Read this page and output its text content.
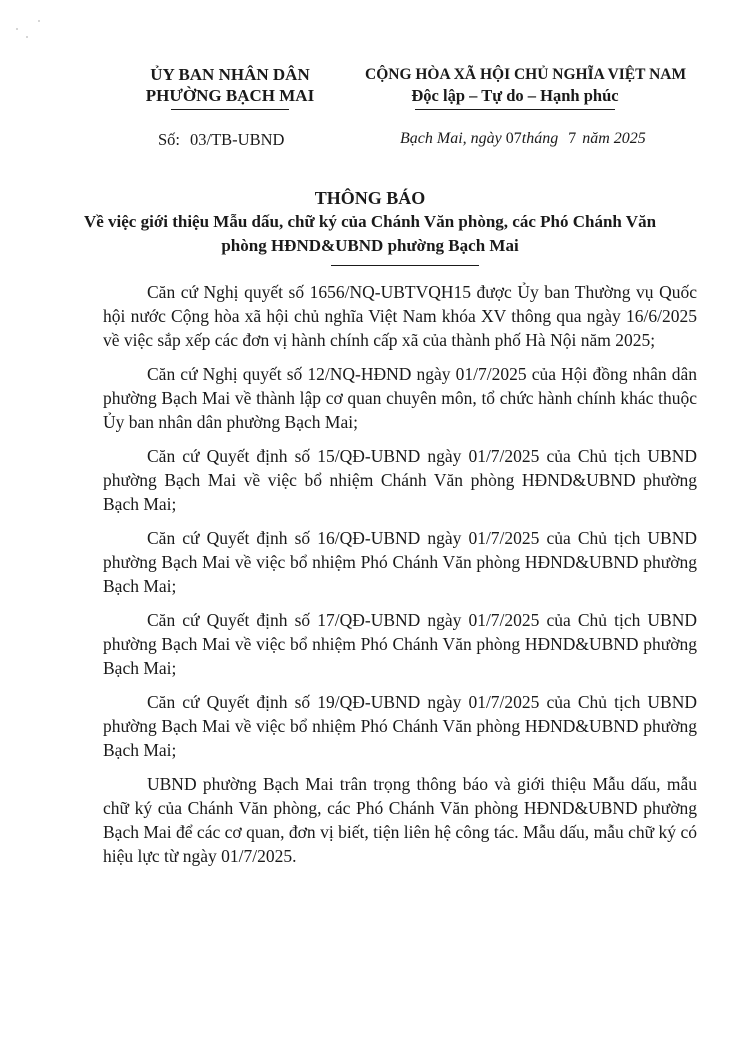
ỦY BAN NHÂN DÂN
PHƯỜNG BẠCH MAI
CỘNG HÒA XÃ HỘI CHỦ NGHĨA VIỆT NAM
Độc lập – Tự do – Hạnh phúc
Số: 03/TB-UBND	Bạch Mai, ngày 07tháng 7 năm 2025
THÔNG BÁO
Về việc giới thiệu Mẫu dấu, chữ ký của Chánh Văn phòng, các Phó Chánh Văn phòng HĐND&UBND phường Bạch Mai

Căn cứ Nghị quyết số 1656/NQ-UBTVQH15 được Ủy ban Thường vụ Quốc hội nước Cộng hòa xã hội chủ nghĩa Việt Nam khóa XV thông qua ngày 16/6/2025 về việc sắp xếp các đơn vị hành chính cấp xã của thành phố Hà Nội năm 2025;

Căn cứ Nghị quyết số 12/NQ-HĐND ngày 01/7/2025 của Hội đồng nhân dân phường Bạch Mai về thành lập cơ quan chuyên môn, tổ chức hành chính khác thuộc Ủy ban nhân dân phường Bạch Mai;

Căn cứ Quyết định số 15/QĐ-UBND ngày 01/7/2025 của Chủ tịch UBND phường Bạch Mai về việc bổ nhiệm Chánh Văn phòng HĐND&UBND phường Bạch Mai;

Căn cứ Quyết định số 16/QĐ-UBND ngày 01/7/2025 của Chủ tịch UBND phường Bạch Mai về việc bổ nhiệm Phó Chánh Văn phòng HĐND&UBND phường Bạch Mai;

Căn cứ Quyết định số 17/QĐ-UBND ngày 01/7/2025 của Chủ tịch UBND phường Bạch Mai về việc bổ nhiệm Phó Chánh Văn phòng HĐND&UBND phường Bạch Mai;

Căn cứ Quyết định số 19/QĐ-UBND ngày 01/7/2025 của Chủ tịch UBND phường Bạch Mai về việc bổ nhiệm Phó Chánh Văn phòng HĐND&UBND phường Bạch Mai;

UBND phường Bạch Mai trân trọng thông báo và giới thiệu Mẫu dấu, mẫu chữ ký của Chánh Văn phòng, các Phó Chánh Văn phòng HĐND&UBND phường Bạch Mai để các cơ quan, đơn vị biết, tiện liên hệ công tác. Mẫu dấu, mẫu chữ ký có hiệu lực từ ngày 01/7/2025.
